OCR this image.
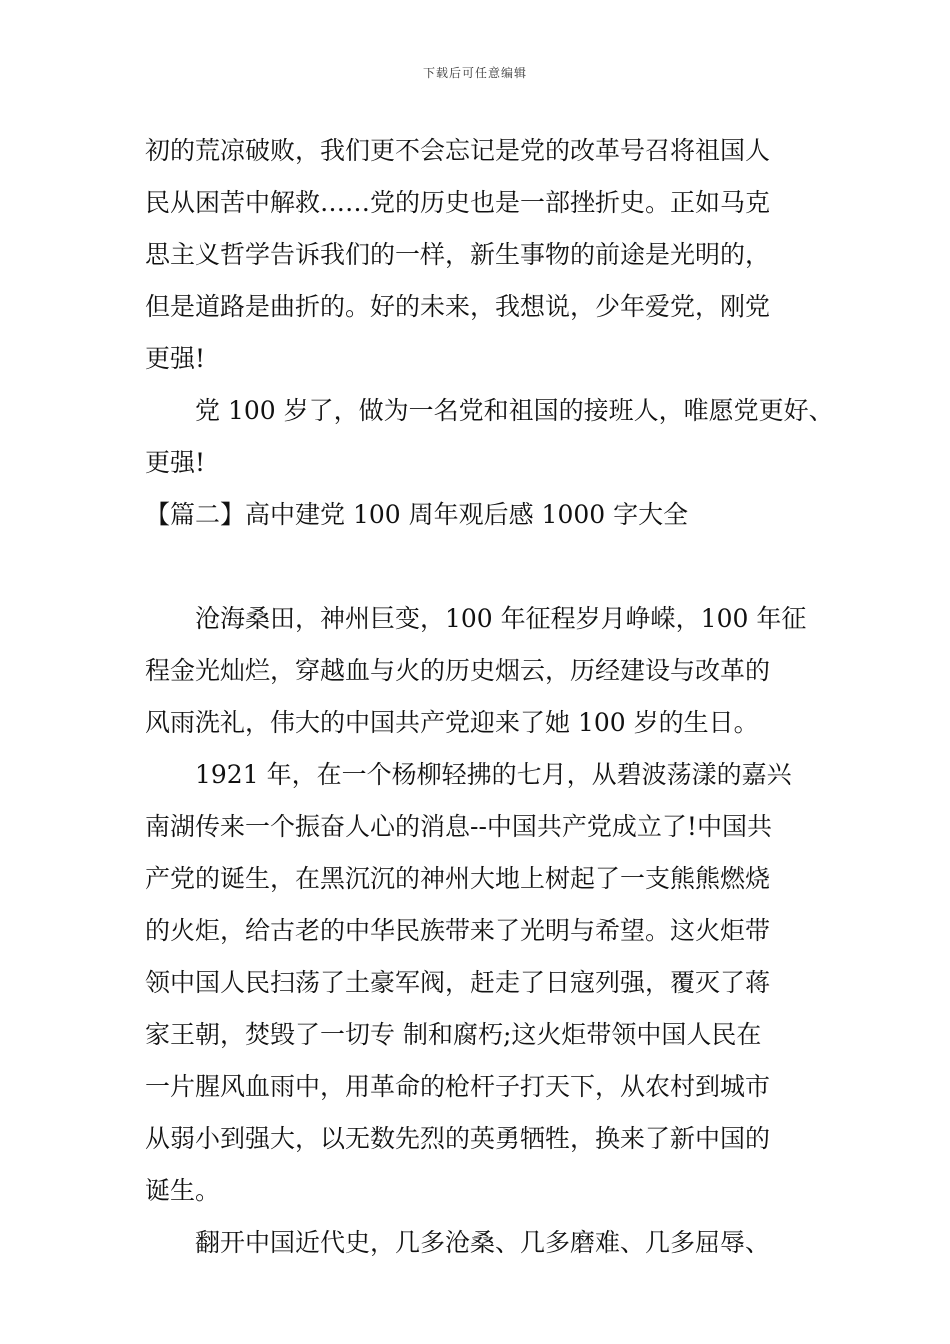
下载后可任意编辑
初的荒凉破败，我们更不会忘记是党的改革号召将祖国人
民从困苦中解救……党的历史也是一部挫折史。正如马克
思主义哲学告诉我们的一样，新生事物的前途是光明的，
但是道路是曲折的。好的未来，我想说，少年爱党，刚党
更强!
党 100 岁了，做为一名党和祖国的接班人，唯愿党更好、
更强!
【篇二】高中建党 100 周年观后感 1000 字大全
沧海桑田，神州巨变，100 年征程岁月峥嵘，100 年征
程金光灿烂，穿越血与火的历史烟云，历经建设与改革的
风雨洗礼，伟大的中国共产党迎来了她 100 岁的生日。
1921 年，在一个杨柳轻拂的七月，从碧波荡漾的嘉兴
南湖传来一个振奋人心的消息--中国共产党成立了!中国共
产党的诞生，在黑沉沉的神州大地上树起了一支熊熊燃烧
的火炬，给古老的中华民族带来了光明与希望。这火炬带
领中国人民扫荡了土豪军阀，赶走了日寇列强，覆灭了蒋
家王朝，焚毁了一切专 制和腐朽;这火炬带领中国人民在
一片腥风血雨中，用革命的枪杆子打天下，从农村到城市
从弱小到强大，以无数先烈的英勇牺牲，换来了新中国的
诞生。
翻开中国近代史，几多沧桑、几多磨难、几多屈辱、
